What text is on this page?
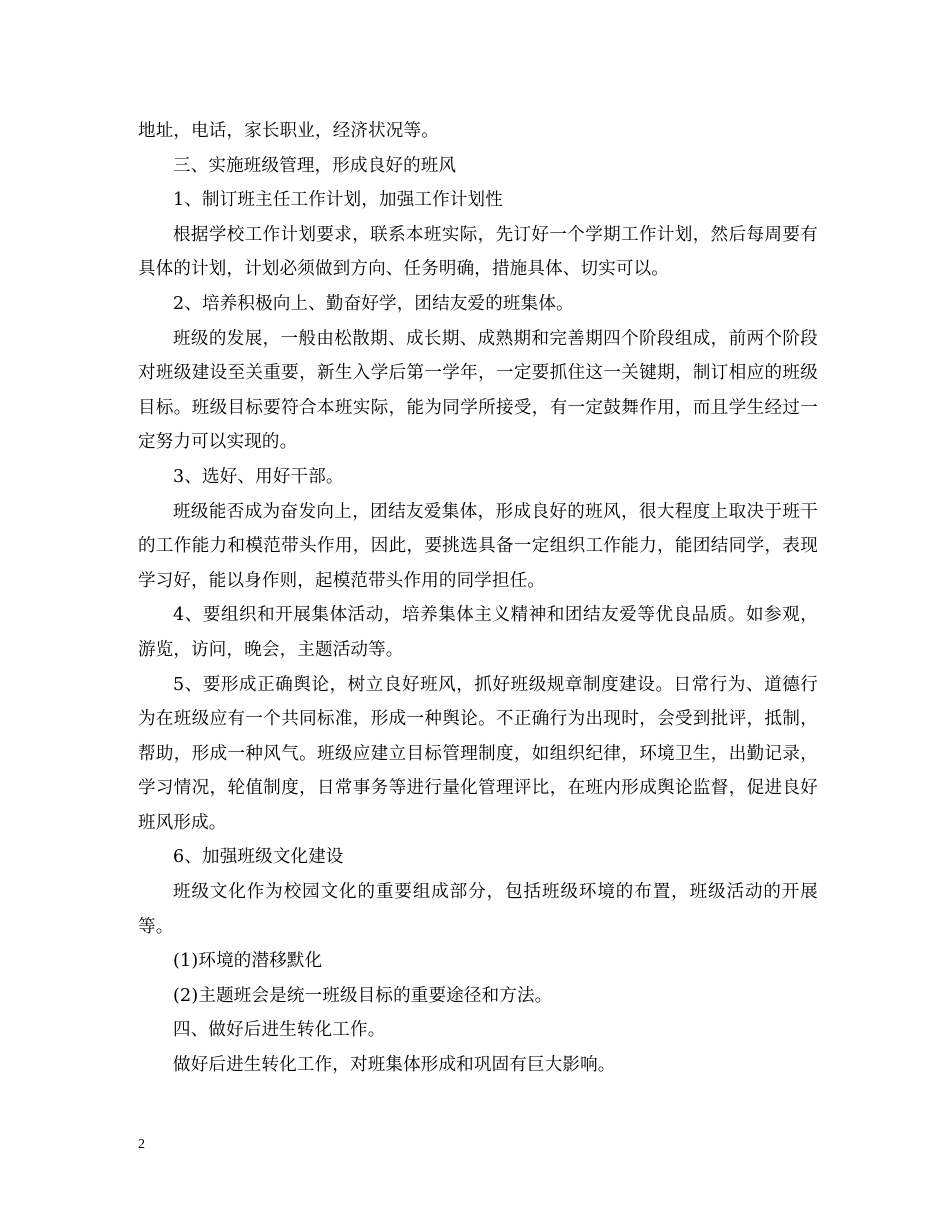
地址，电话，家长职业，经济状况等。

三、实施班级管理，形成良好的班风

1、制订班主任工作计划，加强工作计划性

根据学校工作计划要求，联系本班实际，先订好一个学期工作计划，然后每周要有具体的计划，计划必须做到方向、任务明确，措施具体、切实可以。

2、培养积极向上、勤奋好学，团结友爱的班集体。

班级的发展，一般由松散期、成长期、成熟期和完善期四个阶段组成，前两个阶段对班级建设至关重要，新生入学后第一学年，一定要抓住这一关键期，制订相应的班级目标。班级目标要符合本班实际，能为同学所接受，有一定鼓舞作用，而且学生经过一定努力可以实现的。

3、选好、用好干部。

班级能否成为奋发向上，团结友爱集体，形成良好的班风，很大程度上取决于班干的工作能力和模范带头作用，因此，要挑选具备一定组织工作能力，能团结同学，表现学习好，能以身作则，起模范带头作用的同学担任。

4、要组织和开展集体活动，培养集体主义精神和团结友爱等优良品质。如参观，游览，访问，晚会，主题活动等。

5、要形成正确舆论，树立良好班风，抓好班级规章制度建设。日常行为、道德行为在班级应有一个共同标准，形成一种舆论。不正确行为出现时，会受到批评，抵制，帮助，形成一种风气。班级应建立目标管理制度，如组织纪律，环境卫生，出勤记录，学习情况，轮值制度，日常事务等进行量化管理评比，在班内形成舆论监督，促进良好班风形成。

6、加强班级文化建设

班级文化作为校园文化的重要组成部分，包括班级环境的布置，班级活动的开展等。

(1)环境的潜移默化

(2)主题班会是统一班级目标的重要途径和方法。

四、做好后进生转化工作。

做好后进生转化工作，对班集体形成和巩固有巨大影响。

2
